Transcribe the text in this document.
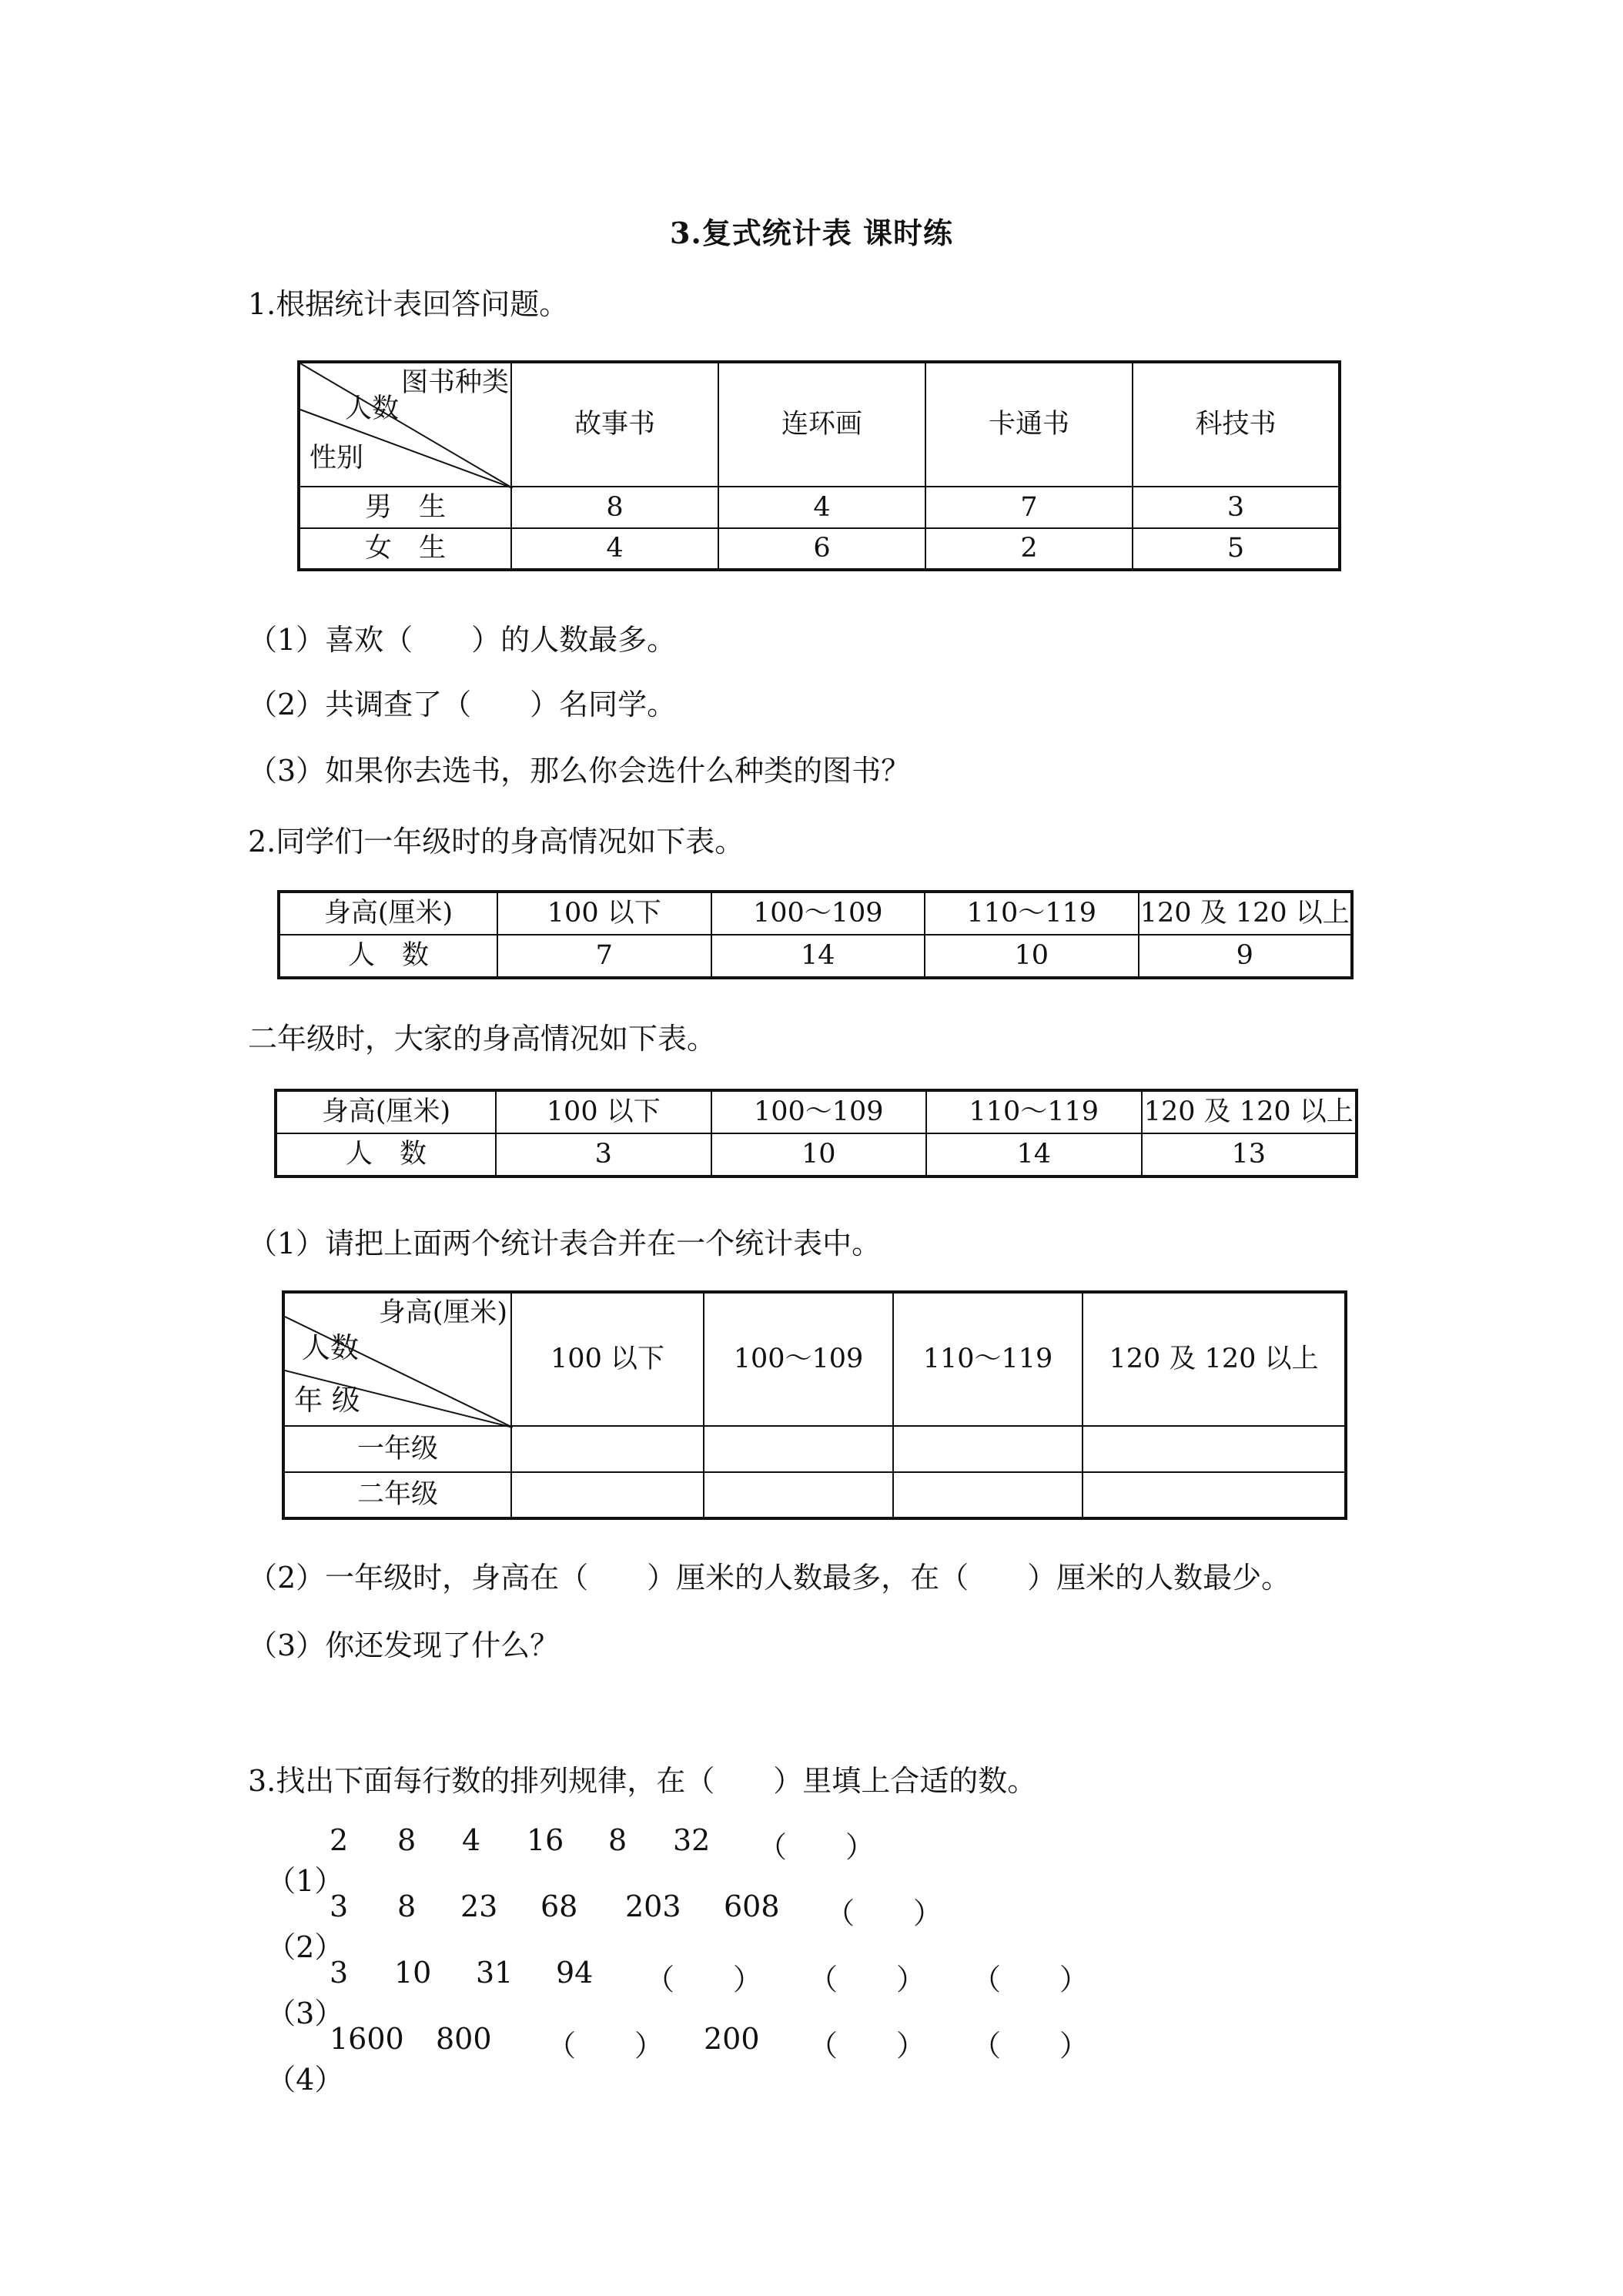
3.复式统计表 课时练
1.根据统计表回答问题。
图书种类
人数
性别	故事书	连环画	卡通书	科技书
男　生	8	4	7	3
女　生	4	6	2	5
（1）喜欢（　　）的人数最多。
（2）共调查了（　　）名同学。
（3）如果你去选书，那么你会选什么种类的图书？
2.同学们一年级时的身高情况如下表。
身高(厘米)	100 以下	100～109	110～119	120 及 120 以上
人　数	7	14	10	9
二年级时，大家的身高情况如下表。
身高(厘米)	100 以下	100～109	110～119	120 及 120 以上
人　数	3	10	14	13
（1）请把上面两个统计表合并在一个统计表中。
身高(厘米)
人数
年 级	100 以下	100～109	110～119	120 及 120 以上
一年级				
二年级				
（2）一年级时，身高在（　　）厘米的人数最多，在（　　）厘米的人数最少。
（3）你还发现了什么？
3.找出下面每行数的排列规律，在（　　）里填上合适的数。

（1）

2 8 4 16 8 32 （　　）

（2）

3 8 23 68 203 608 （　　）

（3）

3 10 31 94 （　　） （　　） （　　）

（4）

1600 800 （　　） 200 （　　） （　　）
